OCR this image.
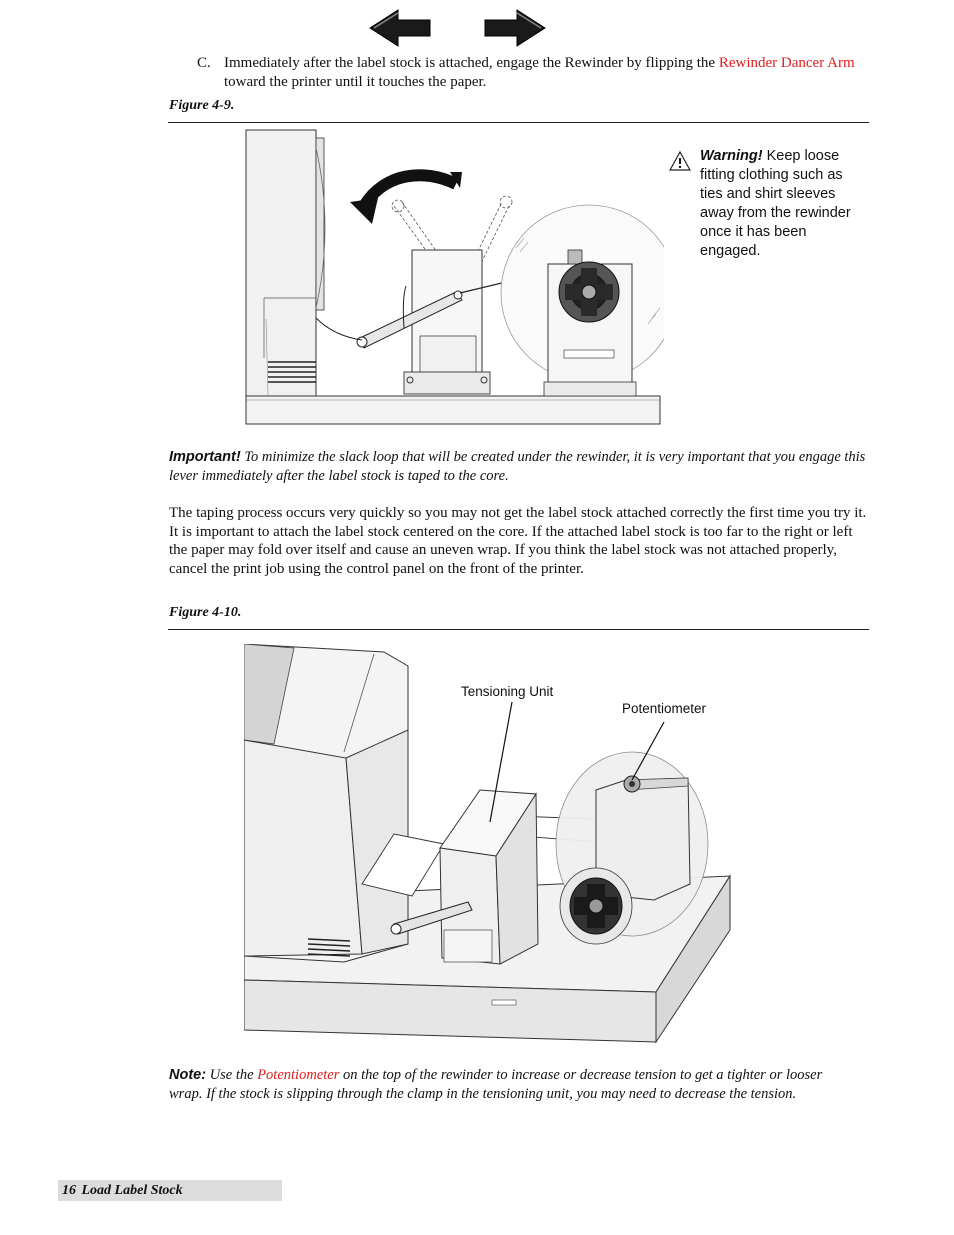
C. Immediately after the label stock is attached, engage the Rewinder by flipping the Rewinder Dancer Arm toward the printer until it touches the paper.
Figure 4-9.
Warning! Keep loose fitting clothing such as ties and shirt sleeves away from the rewinder once it has been engaged.
Important! To minimize the slack loop that will be created under the rewinder, it is very important that you engage this lever immediately after the label stock is taped to the core.
The taping process occurs very quickly so you may not get the label stock attached correctly the first time you try it. It is important to attach the label stock centered on the core. If the attached label stock is too far to the right or left the paper may fold over itself and cause an uneven wrap. If you think the label stock was not attached properly, cancel the print job using the control panel on the front of the printer.
Figure 4-10.
Tensioning Unit
Potentiometer
Note: Use the Potentiometer on the top of the rewinder to increase or decrease tension to get a tighter or looser wrap. If the stock is slipping through the clamp in the tensioning unit, you may need to decrease the tension.
16 Load Label Stock
